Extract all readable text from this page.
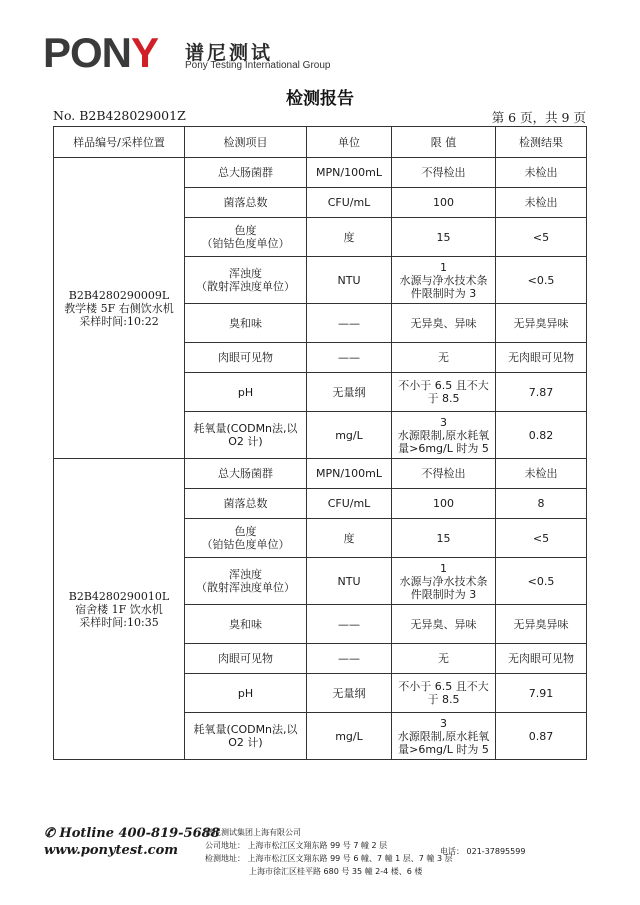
PONY 谱尼测试
Pony Testing International Group
检测报告
No. B2B428029001Z	第 6 页，共 9 页
样品编号/采样位置	检测项目	单位	限 值	检测结果

B2B4280290009L
教学楼 5F 右侧饮水机
采样时间:10:22	总大肠菌群	MPN/100mL	不得检出	未检出
	菌落总数	CFU/mL	100	未检出
	色度
（铂钴色度单位）	度	15	<5
	浑浊度
（散射浑浊度单位）	NTU	1
水源与净水技术条
件限制时为 3	<0.5
	臭和味	——	无异臭、异味	无异臭异味
	肉眼可见物	——	无	无肉眼可见物
	pH	无量纲	不小于 6.5 且不大
于 8.5	7.87
	耗氧量(CODMn法,以
O2 计)	mg/L	3
水源限制,原水耗氧
量>6mg/L 时为 5	0.82

B2B4280290010L
宿舍楼 1F 饮水机
采样时间:10:35	总大肠菌群	MPN/100mL	不得检出	未检出
	菌落总数	CFU/mL	100	8
	色度
（铂钴色度单位）	度	15	<5
	浑浊度
（散射浑浊度单位）	NTU	1
水源与净水技术条
件限制时为 3	<0.5
	臭和味	——	无异臭、异味	无异臭异味
	肉眼可见物	——	无	无肉眼可见物
	pH	无量纲	不小于 6.5 且不大
于 8.5	7.91
	耗氧量(CODMn法,以
O2 计)	mg/L	3
水源限制,原水耗氧
量>6mg/L 时为 5	0.87
✆ Hotline 400-819-5688
www.ponytest.com
谱尼测试集团上海有限公司
公司地址： 上海市松江区文翔东路 99 号 7 幢 2 层
检测地址： 上海市松江区文翔东路 99 号 6 幢、7 幢 1 层、7 幢 3 层
上海市徐汇区桂平路 680 号 35 幢 2-4 楼、6 楼
电话： 021-37895599
